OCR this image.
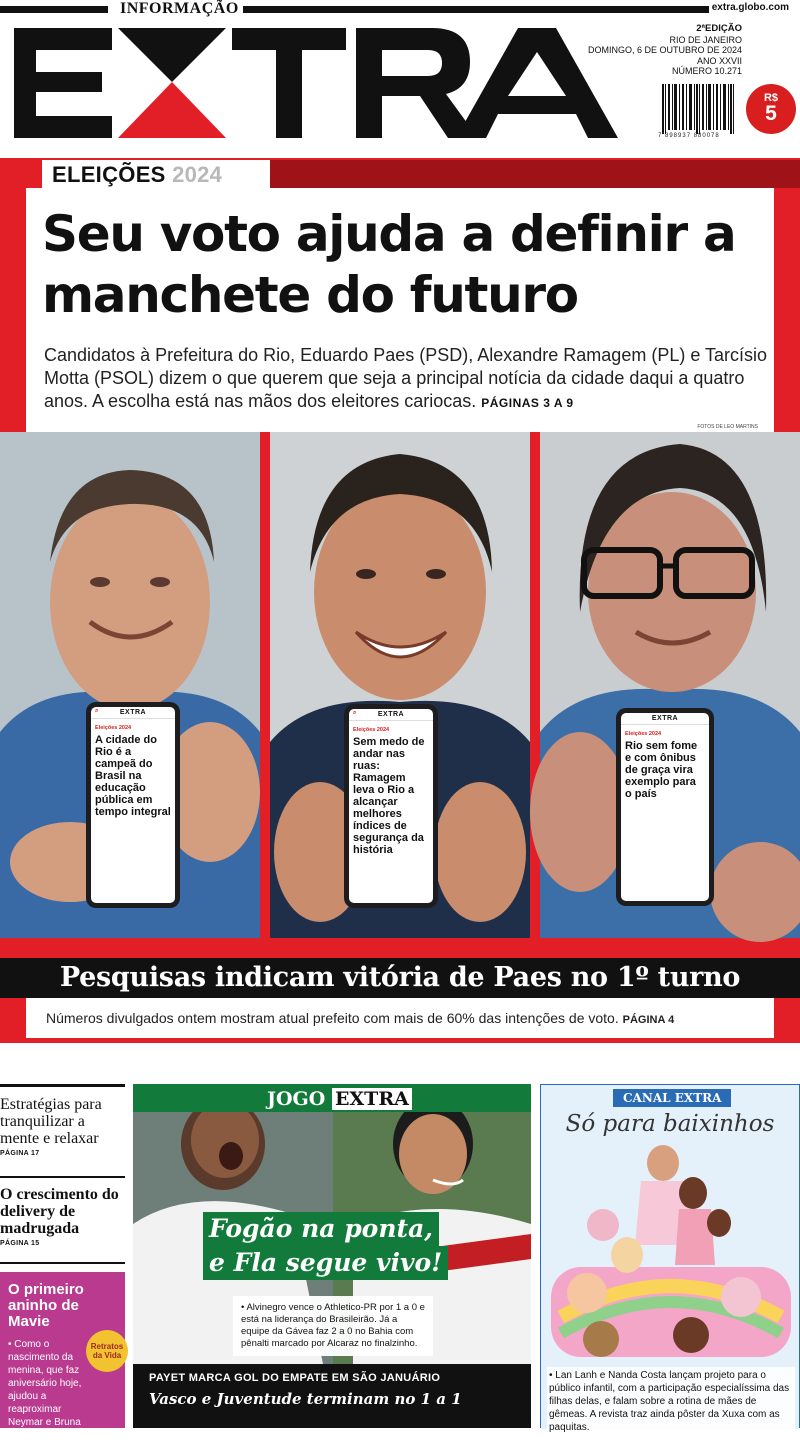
INFORMAÇÃO	extra.globo.com
2ªEDIÇÃO
RIO DE JANEIRO
DOMINGO, 6 DE OUTUBRO DE 2024
ANO XXVII
NÚMERO 10.271
7 898937 880078
R$
5
ELEIÇÕES 2024
Seu voto ajuda a definir a manchete do futuro

Candidatos à Prefeitura do Rio, Eduardo Paes (PSD), Alexandre Ramagem (PL) e Tarcísio Motta (PSOL) dizem o que querem que seja a principal notícia da cidade daqui a quatro anos. A escolha está nas mãos dos eleitores cariocas. PÁGINAS 3 A 9

FOTOS DE LEO MARTINS
⌕	EXTRA
Eleições 2024
A cidade do Rio é a campeã do Brasil na educação pública em tempo integral
⌕	EXTRA
Eleições 2024
Sem medo de andar nas ruas: Ramagem leva o Rio a alcançar melhores índices de segurança da história
EXTRA
Eleições 2024
Rio sem fome e com ônibus de graça vira exemplo para o país
Pesquisas indicam vitória de Paes no 1º turno

Números divulgados ontem mostram atual prefeito com mais de 60% das intenções de voto. PÁGINA 4

Estratégias para tranquilizar a mente e relaxar
PÁGINA 17
O crescimento do delivery de madrugada
PÁGINA 15
O primeiro aninho de Mavie
• Como o nascimento da menina, que faz aniversário hoje, ajudou a reaproximar Neymar e Bruna Biancardi.
Retratos da Vida
JOGO EXTRA
Fogão na ponta,
e Fla segue vivo!
• Alvinegro vence o Athletico-PR por 1 a 0 e está na liderança do Brasileirão. Já a equipe da Gávea faz 2 a 0 no Bahia com pênalti marcado por Alcaraz no finalzinho.
PAYET MARCA GOL DO EMPATE EM SÃO JANUÁRIO
Vasco e Juventude terminam no 1 a 1
CANAL EXTRA
Só para baixinhos
• Lan Lanh e Nanda Costa lançam projeto para o público infantil, com a participação especialíssima das filhas delas, e falam sobre a rotina de mães de gêmeas. A revista traz ainda pôster da Xuxa com as paquitas.
